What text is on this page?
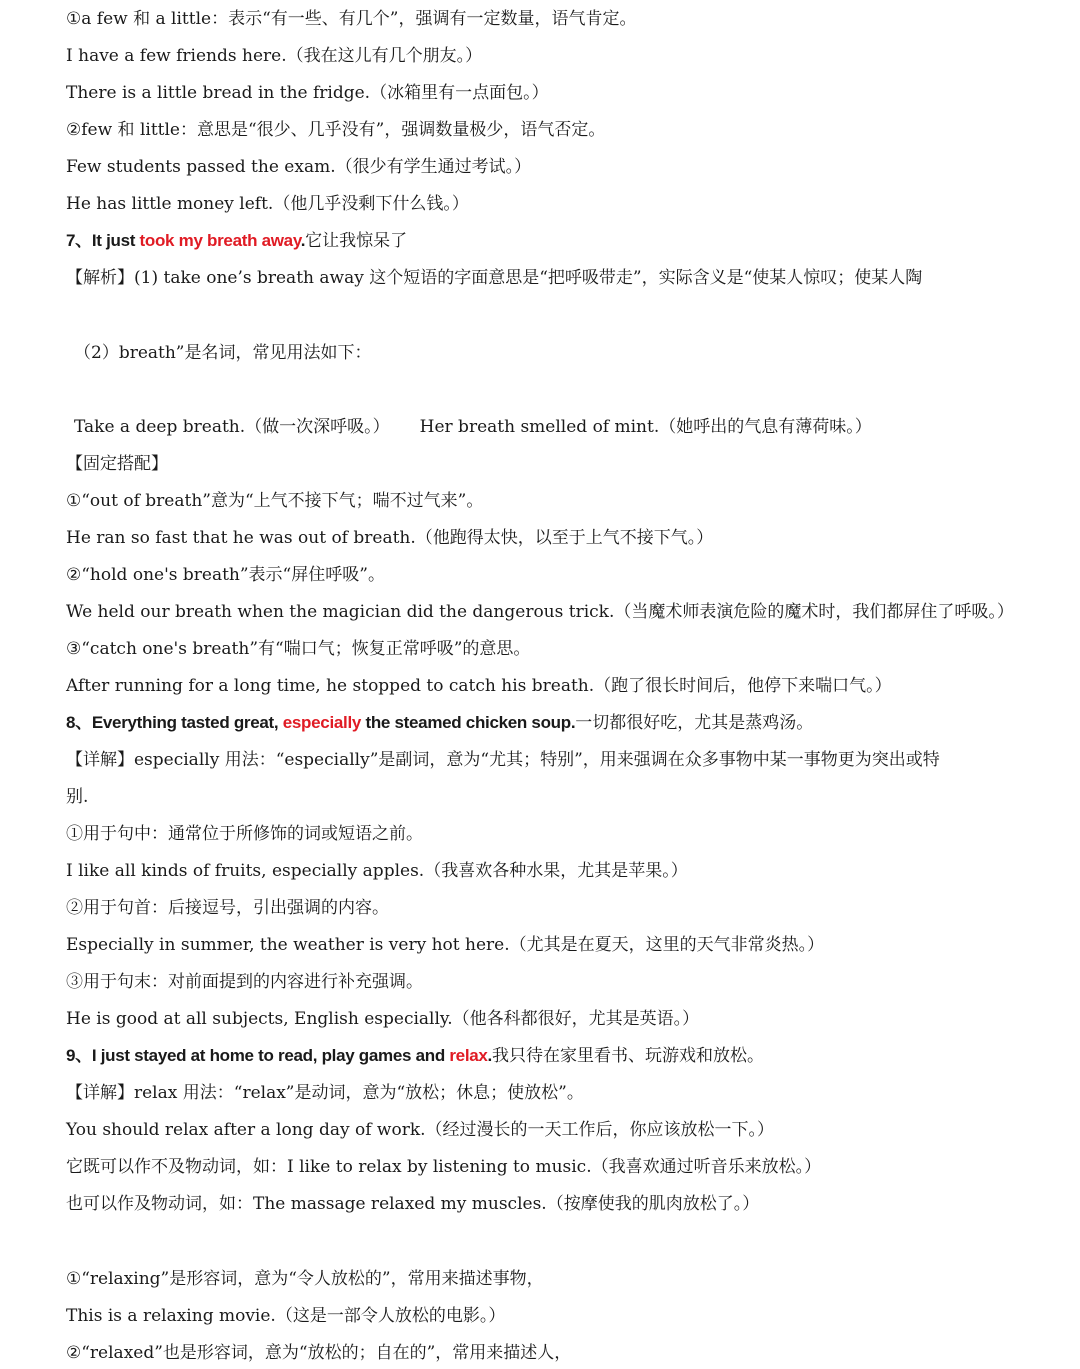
①a few 和 a little：表示“有一些、有几个”，强调有一定数量，语气肯定。
I have a few friends here.（我在这儿有几个朋友。）
There is a little bread in the fridge.（冰箱里有一点面包。）
②few 和 little：意思是“很少、几乎没有”，强调数量极少，语气否定。
Few students passed the exam.（很少有学生通过考试。）
He has little money left.（他几乎没剩下什么钱。）
7、It just took my breath away.它让我惊呆了
【解析】(1) take one’s breath away 这个短语的字面意思是“把呼吸带走”，实际含义是“使某人惊叹；使某人陶
（2）breath”是名词，常见用法如下：
Take a deep breath.（做一次深呼吸。） Her breath smelled of mint.（她呼出的气息有薄荷味。）
【固定搭配】
①“out of breath”意为“上气不接下气；喘不过气来”。
He ran so fast that he was out of breath.（他跑得太快，以至于上气不接下气。）
②“hold one's breath”表示“屏住呼吸”。
We held our breath when the magician did the dangerous trick.（当魔术师表演危险的魔术时，我们都屏住了呼吸。）
③“catch one's breath”有“喘口气；恢复正常呼吸”的意思。
After running for a long time, he stopped to catch his breath.（跑了很长时间后，他停下来喘口气。）
8、Everything tasted great, especially the steamed chicken soup.一切都很好吃，尤其是蒸鸡汤。
【详解】especially 用法：“especially”是副词，意为“尤其；特别”，用来强调在众多事物中某一事物更为突出或特
别.
①用于句中：通常位于所修饰的词或短语之前。
I like all kinds of fruits, especially apples.（我喜欢各种水果，尤其是苹果。）
②用于句首：后接逗号，引出强调的内容。
Especially in summer, the weather is very hot here.（尤其是在夏天，这里的天气非常炎热。）
③用于句末：对前面提到的内容进行补充强调。
He is good at all subjects, English especially.（他各科都很好，尤其是英语。）
9、I just stayed at home to read, play games and relax.我只待在家里看书、玩游戏和放松。
【详解】relax 用法：“relax”是动词，意为“放松；休息；使放松”。
You should relax after a long day of work.（经过漫长的一天工作后，你应该放松一下。）
它既可以作不及物动词，如：I like to relax by listening to music.（我喜欢通过听音乐来放松。）
也可以作及物动词，如：The massage relaxed my muscles.（按摩使我的肌肉放松了。）
①“relaxing”是形容词，意为“令人放松的”，常用来描述事物，
This is a relaxing movie.（这是一部令人放松的电影。）
②“relaxed”也是形容词，意为“放松的；自在的”，常用来描述人，
